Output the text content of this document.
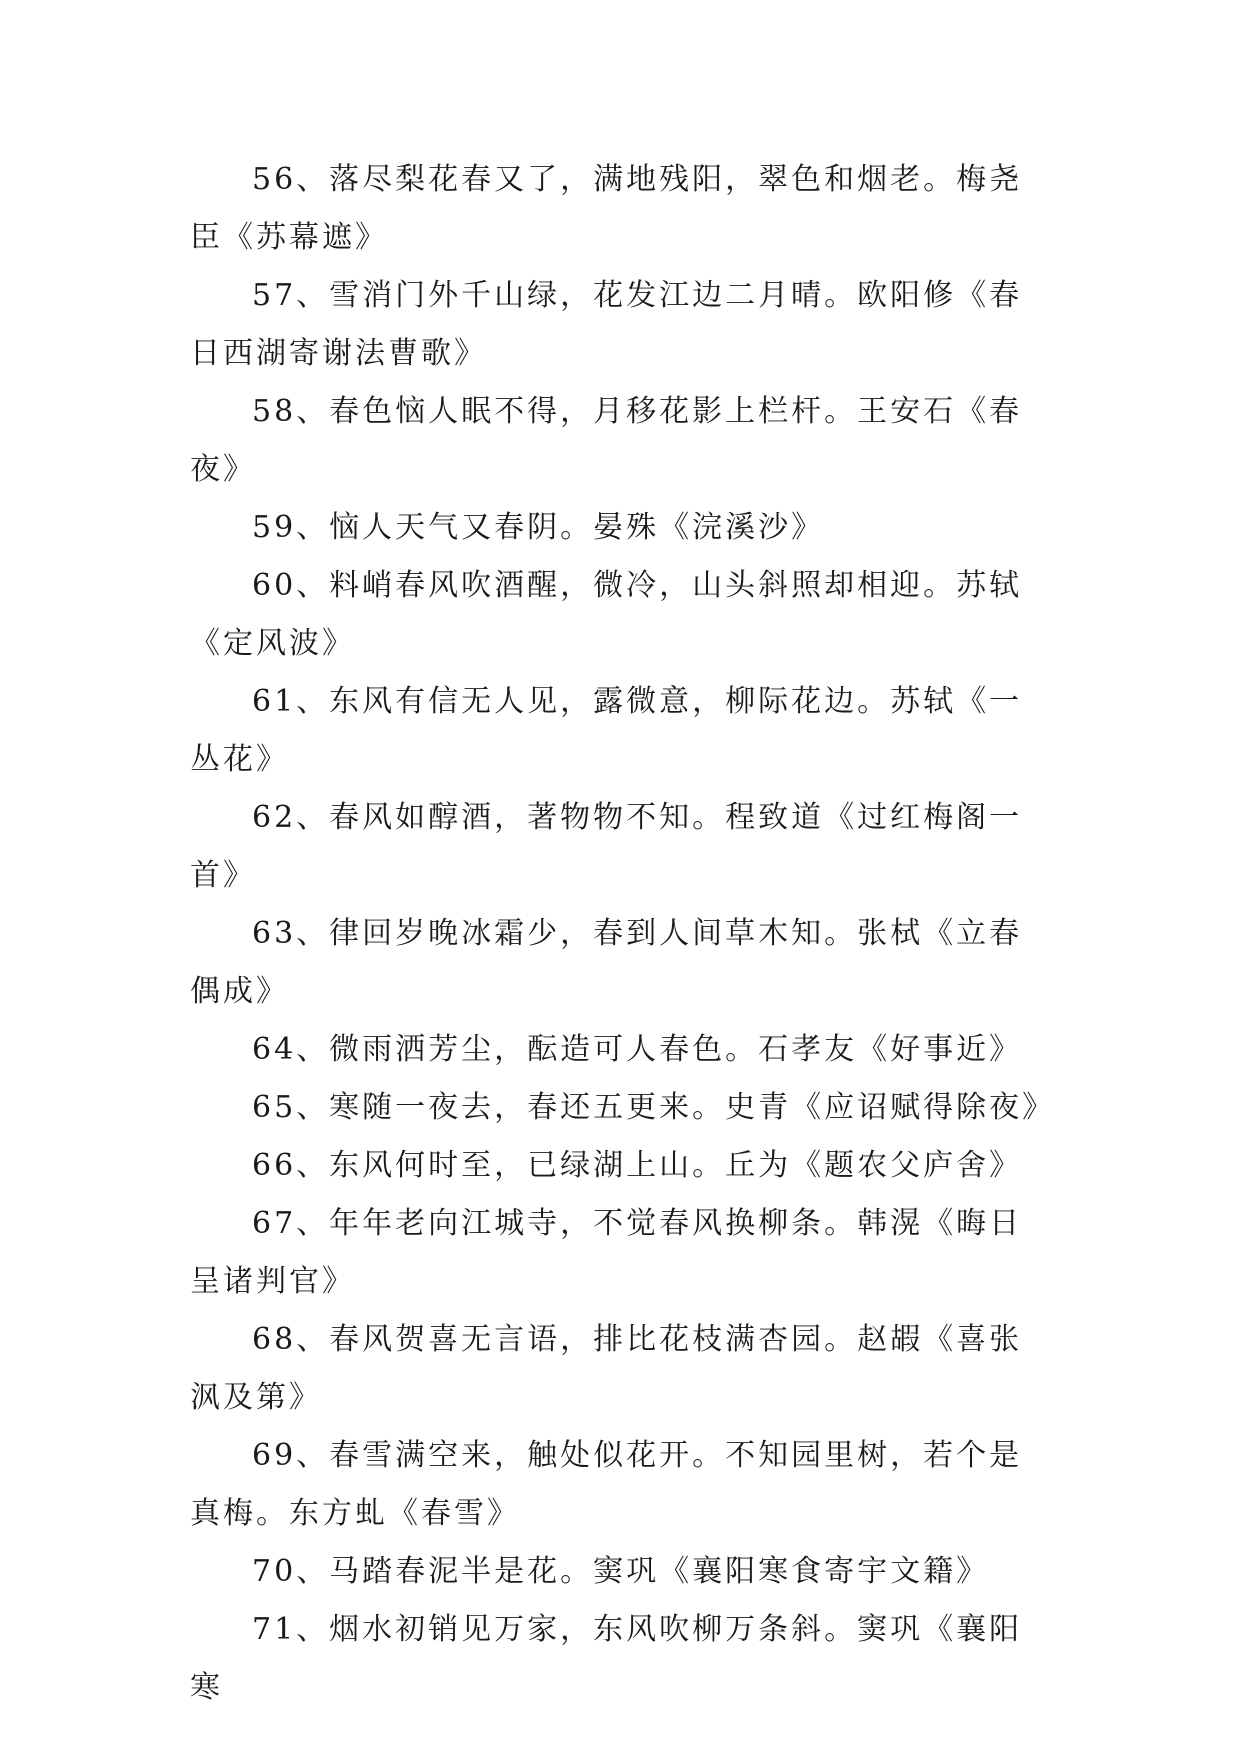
56、落尽梨花春又了，满地残阳，翠色和烟老。梅尧臣《苏幕遮》

57、雪消门外千山绿，花发江边二月晴。欧阳修《春日西湖寄谢法曹歌》

58、春色恼人眠不得，月移花影上栏杆。王安石《春夜》

59、恼人天气又春阴。晏殊《浣溪沙》

60、料峭春风吹酒醒，微冷，山头斜照却相迎。苏轼《定风波》

61、东风有信无人见，露微意，柳际花边。苏轼《一丛花》

62、春风如醇酒，著物物不知。程致道《过红梅阁一首》

63、律回岁晚冰霜少，春到人间草木知。张栻《立春偶成》

64、微雨洒芳尘，酝造可人春色。石孝友《好事近》

65、寒随一夜去，春还五更来。史青《应诏赋得除夜》

66、东风何时至，已绿湖上山。丘为《题农父庐舍》

67、年年老向江城寺，不觉春风换柳条。韩滉《晦日呈诸判官》

68、春风贺喜无言语，排比花枝满杏园。赵嘏《喜张沨及第》

69、春雪满空来，触处似花开。不知园里树，若个是真梅。东方虬《春雪》

70、马踏春泥半是花。窦巩《襄阳寒食寄宇文籍》

71、烟水初销见万家，东风吹柳万条斜。窦巩《襄阳寒
